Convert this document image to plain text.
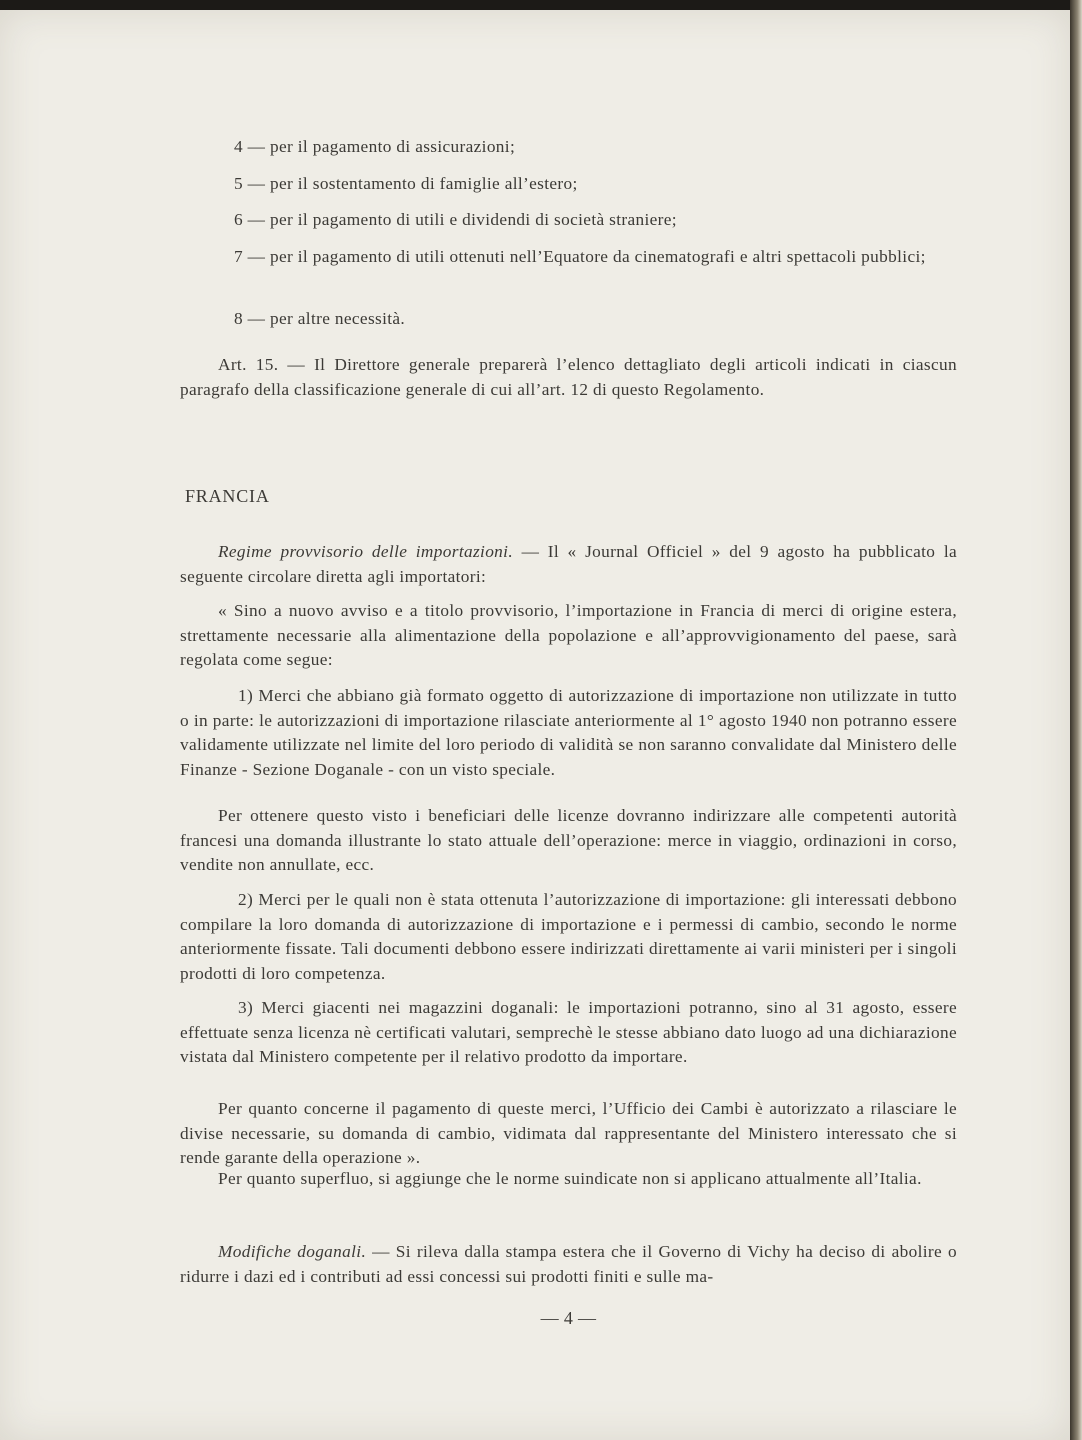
4 — per il pagamento di assicurazioni;

5 — per il sostentamento di famiglie all’estero;

6 — per il pagamento di utili e dividendi di società straniere;

7 — per il pagamento di utili ottenuti nell’Equatore da cinematografi e altri spettacoli pubblici;

8 — per altre necessità.

Art. 15. — Il Direttore generale preparerà l’elenco dettagliato degli articoli indicati in ciascun paragrafo della classificazione generale di cui all’art. 12 di questo Regolamento.

FRANCIA

Regime provvisorio delle importazioni. — Il « Journal Officiel » del 9 agosto ha pubblicato la seguente circolare diretta agli importatori:

« Sino a nuovo avviso e a titolo provvisorio, l’importazione in Francia di merci di origine estera, strettamente necessarie alla alimentazione della popolazione e all’approvvigionamento del paese, sarà regolata come segue:

1) Merci che abbiano già formato oggetto di autorizzazione di importazione non utilizzate in tutto o in parte: le autorizzazioni di importazione rilasciate anteriormente al 1° agosto 1940 non potranno essere validamente utilizzate nel limite del loro periodo di validità se non saranno convalidate dal Ministero delle Finanze - Sezione Doganale - con un visto speciale.

Per ottenere questo visto i beneficiari delle licenze dovranno indirizzare alle competenti autorità francesi una domanda illustrante lo stato attuale dell’operazione: merce in viaggio, ordinazioni in corso, vendite non annullate, ecc.

2) Merci per le quali non è stata ottenuta l’autorizzazione di importazione: gli interessati debbono compilare la loro domanda di autorizzazione di importazione e i permessi di cambio, secondo le norme anteriormente fissate. Tali documenti debbono essere indirizzati direttamente ai varii ministeri per i singoli prodotti di loro competenza.

3) Merci giacenti nei magazzini doganali: le importazioni potranno, sino al 31 agosto, essere effettuate senza licenza nè certificati valutari, semprechè le stesse abbiano dato luogo ad una dichiarazione vistata dal Ministero competente per il relativo prodotto da importare.

Per quanto concerne il pagamento di queste merci, l’Ufficio dei Cambi è autorizzato a rilasciare le divise necessarie, su domanda di cambio, vidimata dal rappresentante del Ministero interessato che si rende garante della operazione ».

Per quanto superfluo, si aggiunge che le norme suindicate non si applicano attualmente all’Italia.

Modifiche doganali. — Si rileva dalla stampa estera che il Governo di Vichy ha deciso di abolire o ridurre i dazi ed i contributi ad essi concessi sui prodotti finiti e sulle ma-

— 4 —
